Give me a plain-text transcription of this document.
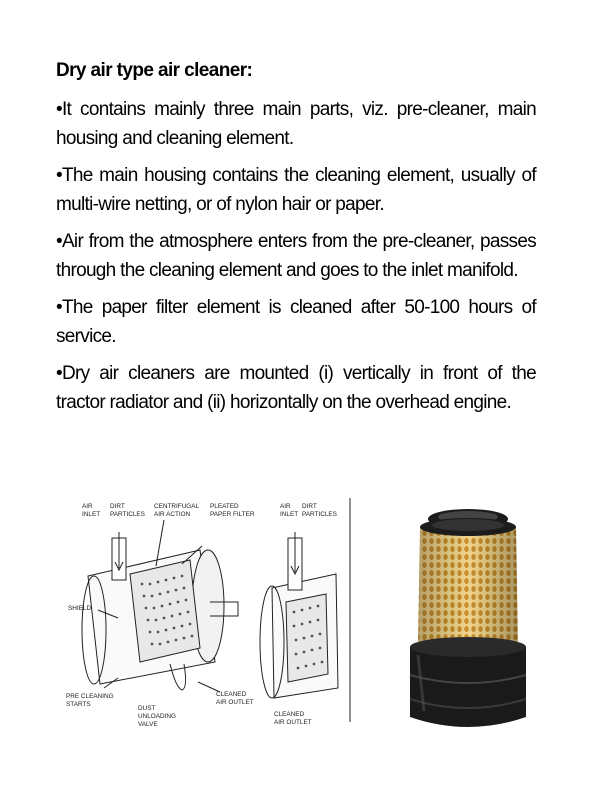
Dry air type air cleaner:
•It contains mainly three main parts, viz. pre-cleaner, main housing and cleaning element.
•The main housing contains the cleaning element, usually of multi-wire netting, or of nylon hair or paper.
•Air from the atmosphere enters from the pre-cleaner, passes through the cleaning element and goes to the inlet manifold.
•The paper filter element is cleaned after 50-100 hours of service.
•Dry air cleaners are mounted (i) vertically in front of the tractor radiator and (ii) horizontally on the overhead engine.
AIR
INLET
DIRT
PARTICLES
CENTRIFUGAL
AIR ACTION
PLEATED
PAPER FILTER
AIR
INLET
DIRT
PARTICLES
SHIELD
PRE CLEANING
STARTS
DUST
UNLOADING
VALVE
CLEANED
AIR OUTLET
CLEANED
AIR OUTLET
